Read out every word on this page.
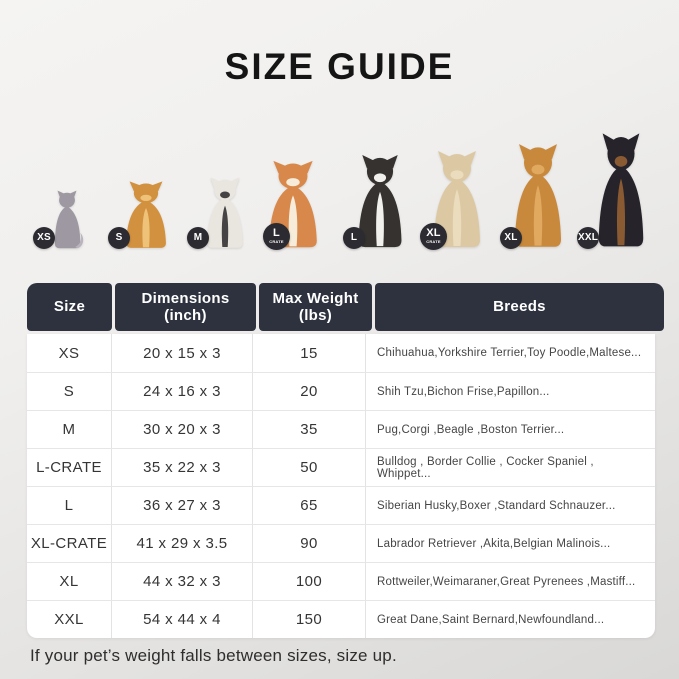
SIZE GUIDE
XS	S	M	L
CRATE	L	XL
CRATE	XL	XXL
Size
Dimensions
(inch)
Max Weight
(lbs)
Breeds
XS	20 x 15 x 3	15	Chihuahua,Yorkshire Terrier,Toy Poodle,Maltese...
S	24 x 16 x 3	20	Shih Tzu,Bichon Frise,Papillon...
M	30 x 20 x 3	35	Pug,Corgi ,Beagle ,Boston Terrier...
L-CRATE	35 x 22 x 3	50	Bulldog , Border Collie , Cocker Spaniel , Whippet...
L	36 x 27 x 3	65	Siberian Husky,Boxer ,Standard Schnauzer...
XL-CRATE	41 x 29 x 3.5	90	Labrador Retriever ,Akita,Belgian Malinois...
XL	44 x 32 x 3	100	Rottweiler,Weimaraner,Great Pyrenees ,Mastiff...
XXL	54 x 44 x 4	150	Great Dane,Saint Bernard,Newfoundland...

If your pet’s weight falls between sizes, size up.
